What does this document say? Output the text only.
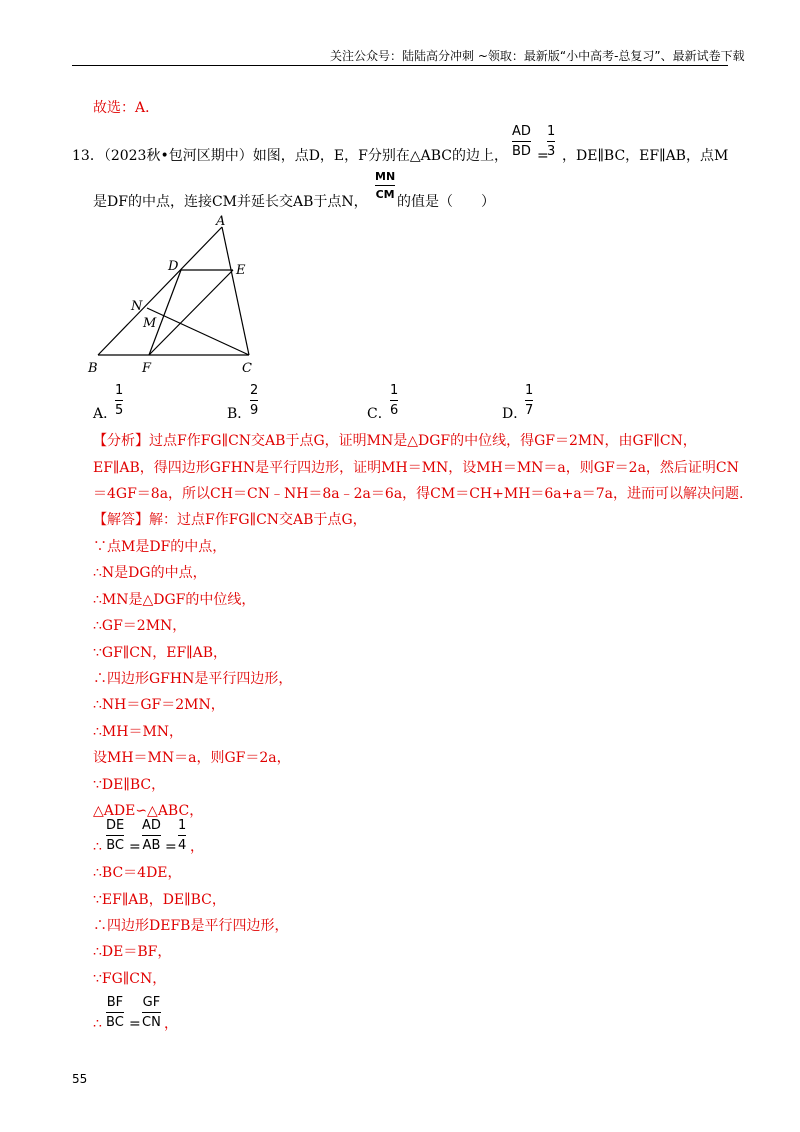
关注公众号：陆陆高分冲刺 ~领取：最新版“小中高考-总复习”、最新试卷下载
故选：A．
13．（2023秋•包河区期中）如图，点D，E，F分别在△ABC的边上，
AD
BD =
1
3 ，DE∥BC，EF∥AB，点M
是DF的中点，连接CM并延长交AB于点N，
MN
CM 的值是（　　）
A
B	C
D	E
F
M
N
A．
1
5	B．
2
9	C．
1
6	D．
1
7
【分析】过点F作FG∥CN交AB于点G，证明MN是△DGF的中位线，得GF＝2MN，由GF∥CN，
EF∥AB，得四边形GFHN是平行四边形，证明MH＝MN，设MH＝MN＝a，则GF＝2a，然后证明CN
＝4GF＝8a，所以CH＝CN﹣NH＝8a﹣2a＝6a，得CM＝CH+MH＝6a+a＝7a，进而可以解决问题.
【解答】解：过点F作FG∥CN交AB于点G，
∵点M是DF的中点，
∴N是DG的中点，
∴MN是△DGF的中位线，
∴GF＝2MN，
∵GF∥CN，EF∥AB，
∴四边形GFHN是平行四边形，
∴NH＝GF＝2MN，
∴MH＝MN，
设MH＝MN＝a，则GF＝2a，
∵DE∥BC，
△ADE∽△ABC，
∴
DE
BC =
AD
AB =
1
4 ，
∴BC＝4DE，
∵EF∥AB，DE∥BC，
∴四边形DEFB是平行四边形，
∴DE＝BF，
∵FG∥CN，
∴
BF
BC =
GF
CN ，
55
